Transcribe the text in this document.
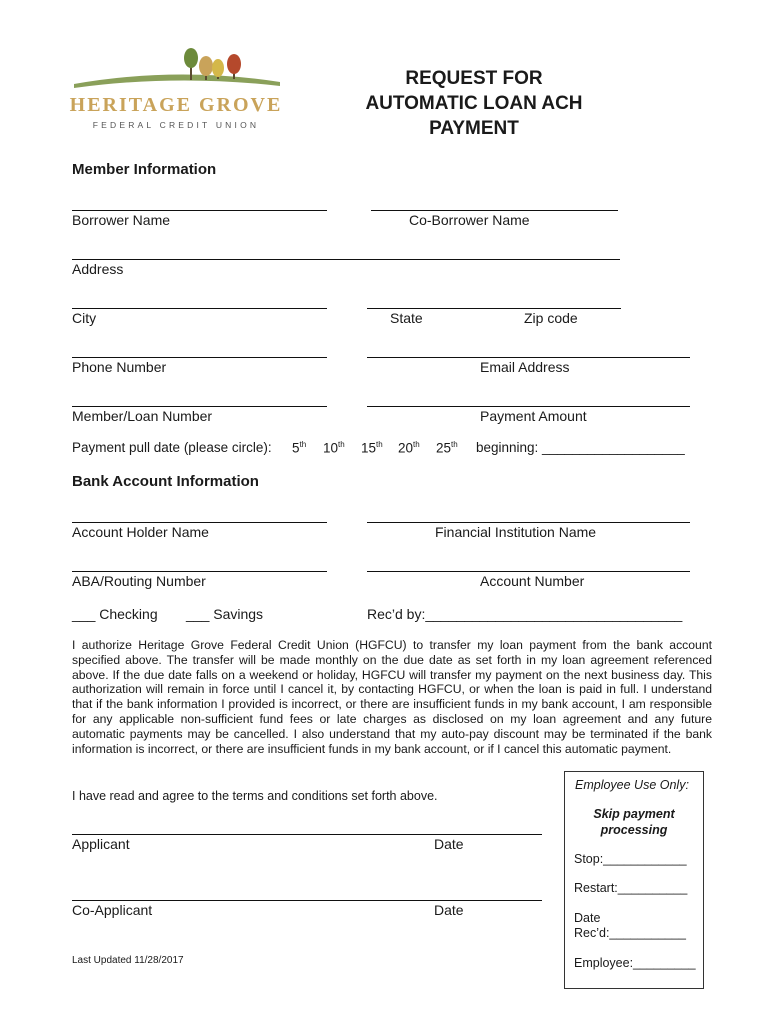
HERITAGE GROVE
FEDERAL CREDIT UNION
REQUEST FOR
AUTOMATIC LOAN ACH
PAYMENT
Member Information
Borrower Name	Co-Borrower Name
Address
City	State	Zip code
Phone Number	Email Address
Member/Loan Number	Payment Amount
Payment pull date (please circle): 5th 10th 15th 20th 25th beginning: ___________________
Bank Account Information
Account Holder Name	Financial Institution Name
ABA/Routing Number	Account Number
___ Checking ___ Savings	Rec’d by:_________________________________
I authorize Heritage Grove Federal Credit Union (HGFCU) to transfer my loan payment from the bank account specified above. The transfer will be made monthly on the due date as set forth in my loan agreement referenced above. If the due date falls on a weekend or holiday, HGFCU will transfer my payment on the next business day. This authorization will remain in force until I cancel it, by contacting HGFCU, or when the loan is paid in full. I understand that if the bank information I provided is incorrect, or there are insufficient funds in my bank account, I am responsible for any applicable non-sufficient fund fees or late charges as disclosed on my loan agreement and any future automatic payments may be cancelled. I also understand that my auto-pay discount may be terminated if the bank information is incorrect, or there are insufficient funds in my bank account, or if I cancel this automatic payment.
I have read and agree to the terms and conditions set forth above.
Applicant	Date
Co-Applicant	Date
Employee Use Only:
Skip payment
processing
Stop:____________
Restart:__________
Date
Rec’d:___________
Employee:_________
Last Updated 11/28/2017
